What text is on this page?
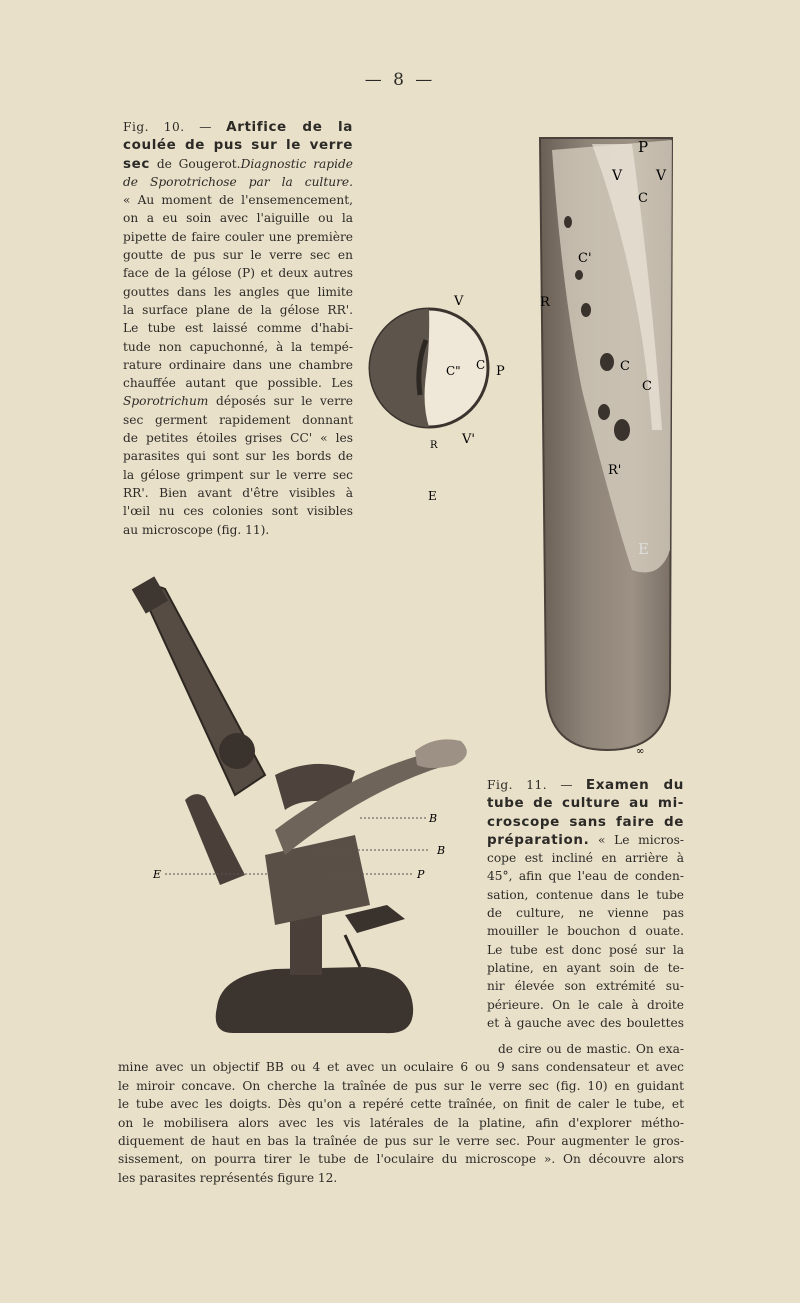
— 8 —
Fig. 10. — Artifice de la
coulée de pus sur le verre
sec de Gougerot.Diagnostic rapide
de Sporotrichose par la culture.
« Au moment de l'ensemencement,
on a eu soin avec l'aiguille ou la
pipette de faire couler une première
goutte de pus sur le verre sec en
face de la gélose (P) et deux autres
gouttes dans les angles que limite
la surface plane de la gélose RR'.
Le tube est laissé comme d'habi-
tude non capuchonné, à la tempé-
rature ordinaire dans une chambre
chauffée autant que possible. Les
Sporotrichum déposés sur le verre
sec germent rapidement donnant
de petites étoiles grises CC' « les
parasites qui sont sur les bords de
la gélose grimpent sur le verre sec
RR'. Bien avant d'être visibles à
l'œil nu ces colonies sont visibles
au microscope (fig. 11).
P
V V
C
C'
C
C
R
R'
E
∞
V
C" C P
R V'
E
B
B
P
E
Fig. 11. — Examen du
tube de culture au mi-
croscope sans faire de
préparation. « Le micros-
cope est incliné en arrière à
45°, afin que l'eau de conden-
sation, contenue dans le tube
de culture, ne vienne pas
mouiller le bouchon d ouate.
Le tube est donc posé sur la
platine, en ayant soin de te-
nir élevée son extrémité su-
périeure. On le cale à droite
et à gauche avec des boulettes
de cire ou de mastic. On exa-
mine avec un objectif BB ou 4 et avec un oculaire 6 ou 9 sans condensateur et avec
le miroir concave. On cherche la traînée de pus sur le verre sec (fig. 10) en guidant
le tube avec les doigts. Dès qu'on a repéré cette traînée, on finit de caler le tube, et
on le mobilisera alors avec les vis latérales de la platine, afin d'explorer métho-
diquement de haut en bas la traînée de pus sur le verre sec. Pour augmenter le gros-
sissement, on pourra tirer le tube de l'oculaire du microscope ». On découvre alors
les parasites représentés figure 12.
